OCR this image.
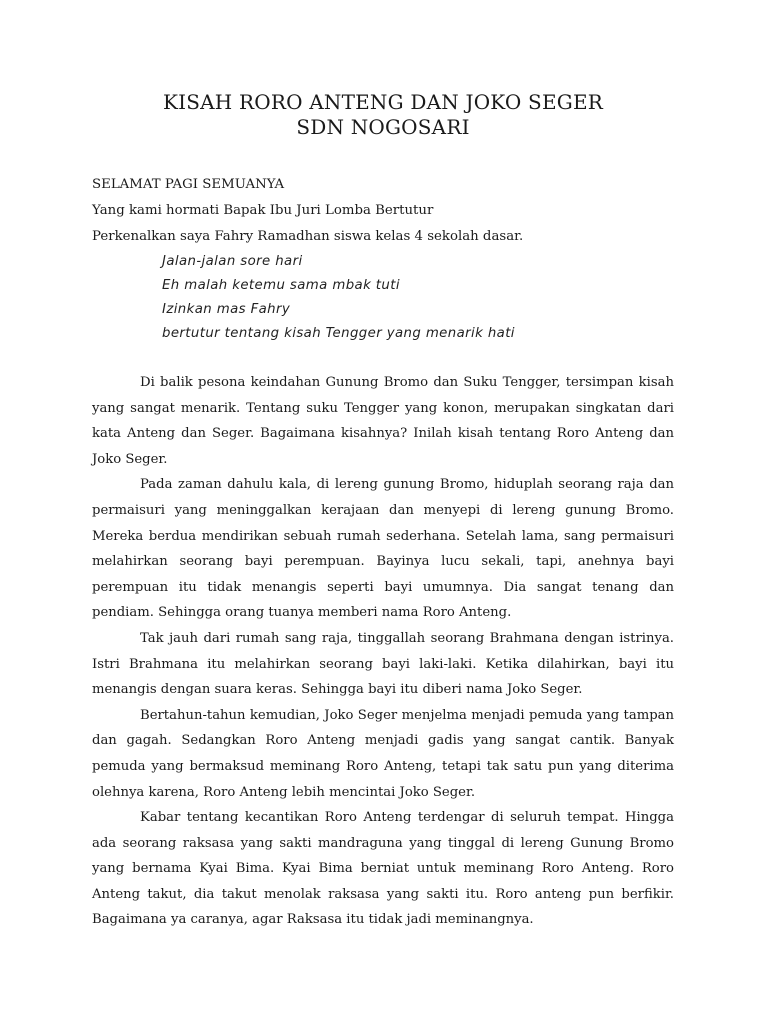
KISAH RORO ANTENG DAN JOKO SEGER
SDN NOGOSARI
SELAMAT PAGI SEMUANYA
Yang kami hormati Bapak Ibu Juri Lomba Bertutur
Perkenalkan saya Fahry Ramadhan siswa kelas 4 sekolah dasar.
Jalan-jalan sore hari
Eh malah ketemu sama mbak tuti
Izinkan mas Fahry
bertutur tentang kisah Tengger yang menarik hati

Di balik pesona keindahan Gunung Bromo dan Suku Tengger, tersimpan kisah yang sangat menarik. Tentang suku Tengger yang konon, merupakan singkatan dari kata Anteng dan Seger. Bagaimana kisahnya? Inilah kisah tentang Roro Anteng dan Joko Seger.

Pada zaman dahulu kala, di lereng gunung Bromo, hiduplah seorang raja dan permaisuri yang meninggalkan kerajaan dan menyepi di lereng gunung Bromo. Mereka berdua mendirikan sebuah rumah sederhana. Setelah lama, sang permaisuri melahirkan seorang bayi perempuan. Bayinya lucu sekali, tapi, anehnya bayi perempuan itu tidak menangis seperti bayi umumnya. Dia sangat tenang dan pendiam. Sehingga orang tuanya memberi nama Roro Anteng.

Tak jauh dari rumah sang raja, tinggallah seorang Brahmana dengan istrinya. Istri Brahmana itu melahirkan seorang bayi laki-laki. Ketika dilahirkan, bayi itu menangis dengan suara keras. Sehingga bayi itu diberi nama Joko Seger.

Bertahun-tahun kemudian, Joko Seger menjelma menjadi pemuda yang tampan dan gagah. Sedangkan Roro Anteng menjadi gadis yang sangat cantik. Banyak pemuda yang bermaksud meminang Roro Anteng, tetapi tak satu pun yang diterima olehnya karena, Roro Anteng lebih mencintai Joko Seger.

Kabar tentang kecantikan Roro Anteng terdengar di seluruh tempat. Hingga ada seorang raksasa yang sakti mandraguna yang tinggal di lereng Gunung Bromo yang bernama Kyai Bima. Kyai Bima berniat untuk meminang Roro Anteng. Roro Anteng takut, dia takut menolak raksasa yang sakti itu. Roro anteng pun berfikir. Bagaimana ya caranya, agar Raksasa itu tidak jadi meminangnya.
